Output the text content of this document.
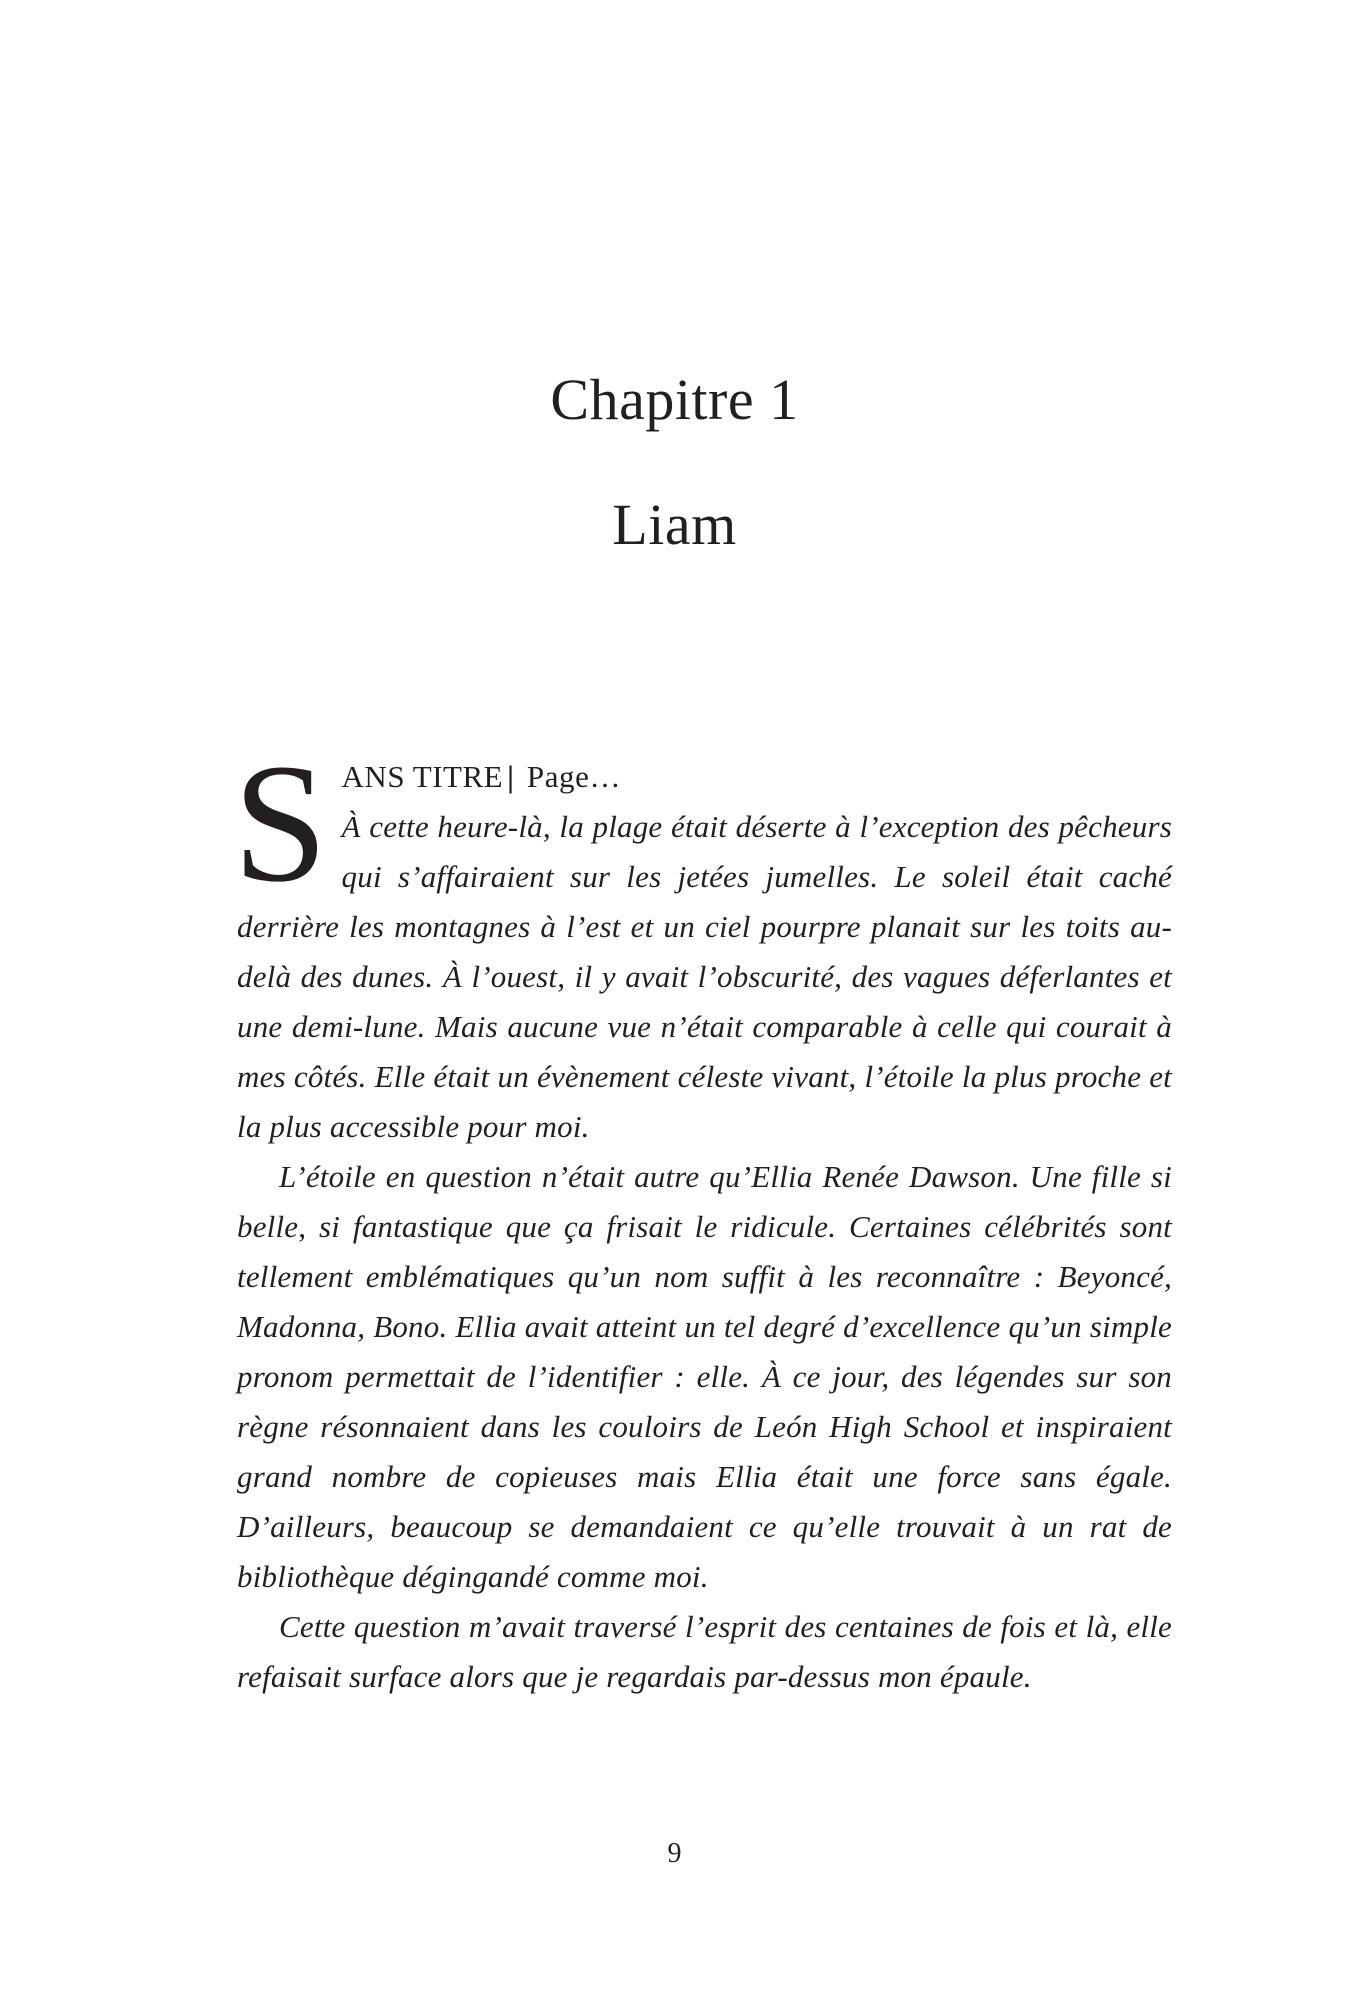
Chapitre 1
Liam
S ANS TITRE | Page…

À cette heure-là, la plage était déserte à l’exception des pêcheurs qui s’affairaient sur les jetées jumelles. Le soleil était caché derrière les montagnes à l’est et un ciel pourpre planait sur les toits au-delà des dunes. À l’ouest, il y avait l’obscurité, des vagues déferlantes et une demi-lune. Mais aucune vue n’était comparable à celle qui courait à mes côtés. Elle était un évènement céleste vivant, l’étoile la plus proche et la plus accessible pour moi.

L’étoile en question n’était autre qu’Ellia Renée Dawson. Une fille si belle, si fantastique que ça frisait le ridicule. Certaines célébrités sont tellement emblématiques qu’un nom suffit à les reconnaître : Beyoncé, Madonna, Bono. Ellia avait atteint un tel degré d’excellence qu’un simple pronom permettait de l’identifier : elle. À ce jour, des légendes sur son règne résonnaient dans les couloirs de León High School et inspiraient grand nombre de copieuses mais Ellia était une force sans égale. D’ailleurs, beaucoup se demandaient ce qu’elle trouvait à un rat de bibliothèque dégingandé comme moi.

Cette question m’avait traversé l’esprit des centaines de fois et là, elle refaisait surface alors que je regardais par-dessus mon épaule.

9
